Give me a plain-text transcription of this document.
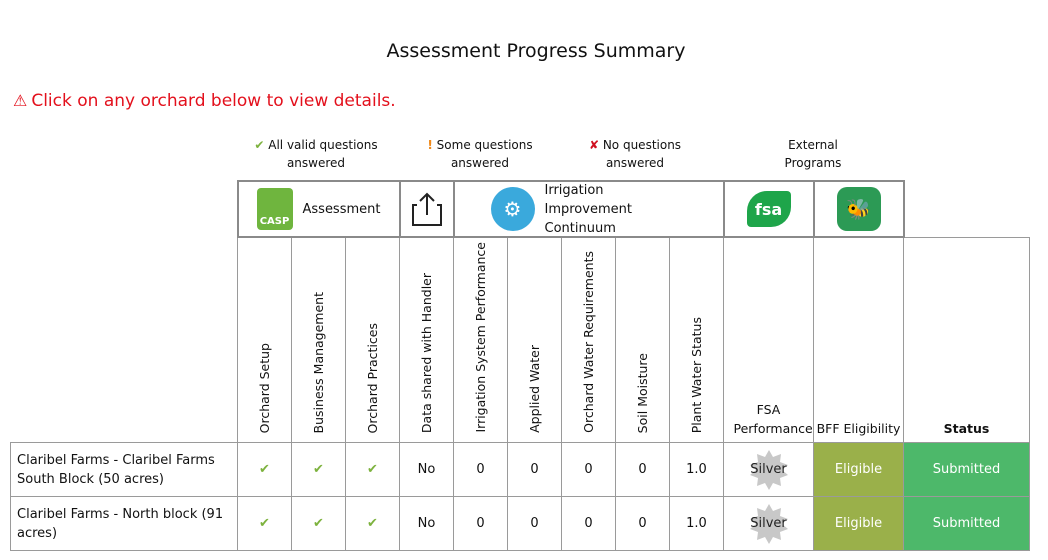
Assessment Progress Summary
⚠ Click on any orchard below to view details.
✔ All valid questions answered
! Some questions answered
✘ No questions answered
External Programs

	CASP
Assessment				⚙
Irrigation Improvement Continuum					fsa	🐝	

	Orchard Setup	Business Management	Orchard Practices	Data shared with Handler	Irrigation System Performance	Applied Water	Orchard Water Requirements	Soil Moisture	Plant Water Status	FSA Performance	BFF Eligibility	Status
Claribel Farms - Claribel Farms South Block (50 acres)	✔	✔	✔	No	0	0	0	0	1.0	Silver	Eligible	Submitted
Claribel Farms - North block (91 acres)	✔	✔	✔	No	0	0	0	0	1.0	Silver	Eligible	Submitted
